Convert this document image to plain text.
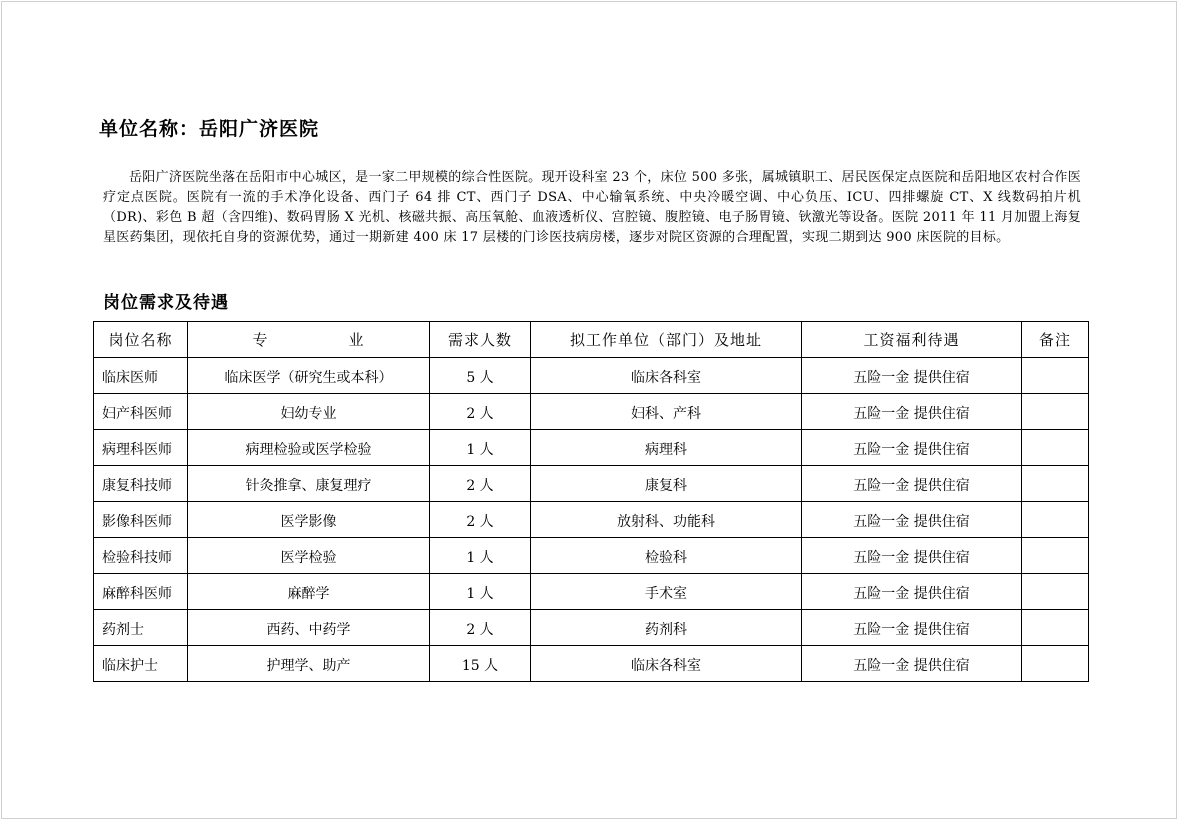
单位名称：岳阳广济医院

岳阳广济医院坐落在岳阳市中心城区，是一家二甲规模的综合性医院。现开设科室 23 个，床位 500 多张，属城镇职工、居民医保定点医院和岳阳地区农村合作医疗定点医院。医院有一流的手术净化设备、西门子 64 排 CT、西门子 DSA、中心输氧系统、中央冷暖空调、中心负压、ICU、四排螺旋 CT、X 线数码拍片机（DR)、彩色 B 超（含四维)、数码胃肠 X 光机、核磁共振、高压氧舱、血液透析仪、宫腔镜、腹腔镜、电子肠胃镜、钬激光等设备。医院 2011 年 11 月加盟上海复星医药集团，现依托自身的资源优势，通过一期新建 400 床 17 层楼的门诊医技病房楼，逐步对院区资源的合理配置，实现二期到达 900 床医院的目标。

岗位需求及待遇
岗位名称	专 业	需求人数	拟工作单位（部门）及地址	工资福利待遇	备注
临床医师	临床医学（研究生或本科）	5 人	临床各科室	五险一金 提供住宿	
妇产科医师	妇幼专业	2 人	妇科、产科	五险一金 提供住宿	
病理科医师	病理检验或医学检验	1 人	病理科	五险一金 提供住宿	
康复科技师	针灸推拿、康复理疗	2 人	康复科	五险一金 提供住宿	
影像科医师	医学影像	2 人	放射科、功能科	五险一金 提供住宿	
检验科技师	医学检验	1 人	检验科	五险一金 提供住宿	
麻醉科医师	麻醉学	1 人	手术室	五险一金 提供住宿	
药剂士	西药、中药学	2 人	药剂科	五险一金 提供住宿	
临床护士	护理学、助产	15 人	临床各科室	五险一金 提供住宿	
